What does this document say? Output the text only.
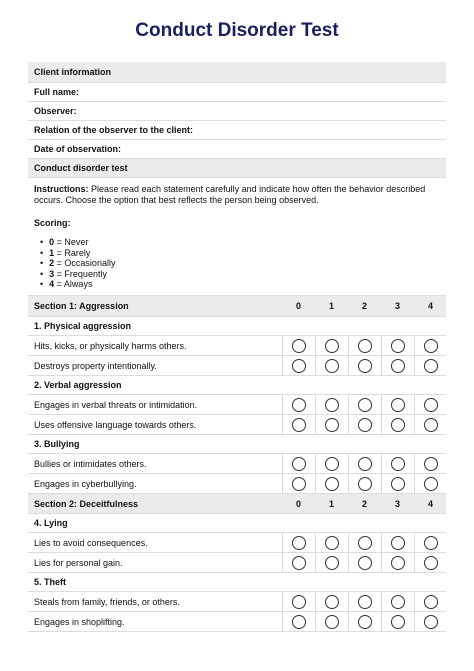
Conduct Disorder Test
Client information
Full name:
Observer:
Relation of the observer to the client:
Date of observation:
Conduct disorder test

Instructions: Please read each statement carefully and indicate how often the behavior described occurs. Choose the option that best reflects the person being observed.

Scoring:

• 0 = Never
• 1 = Rarely
• 2 = Occasionally
• 3 = Frequently
• 4 = Always
Section 1: Aggression	0	1	2	3	4
1. Physical aggression
Hits, kicks, or physically harms others.
Destroys property intentionally.
2. Verbal aggression
Engages in verbal threats or intimidation.
Uses offensive language towards others.
3. Bullying
Bullies or intimidates others.
Engages in cyberbullying.
Section 2: Deceitfulness	0	1	2	3	4
4. Lying
Lies to avoid consequences.
Lies for personal gain.
5. Theft
Steals from family, friends, or others.
Engages in shoplifting.
